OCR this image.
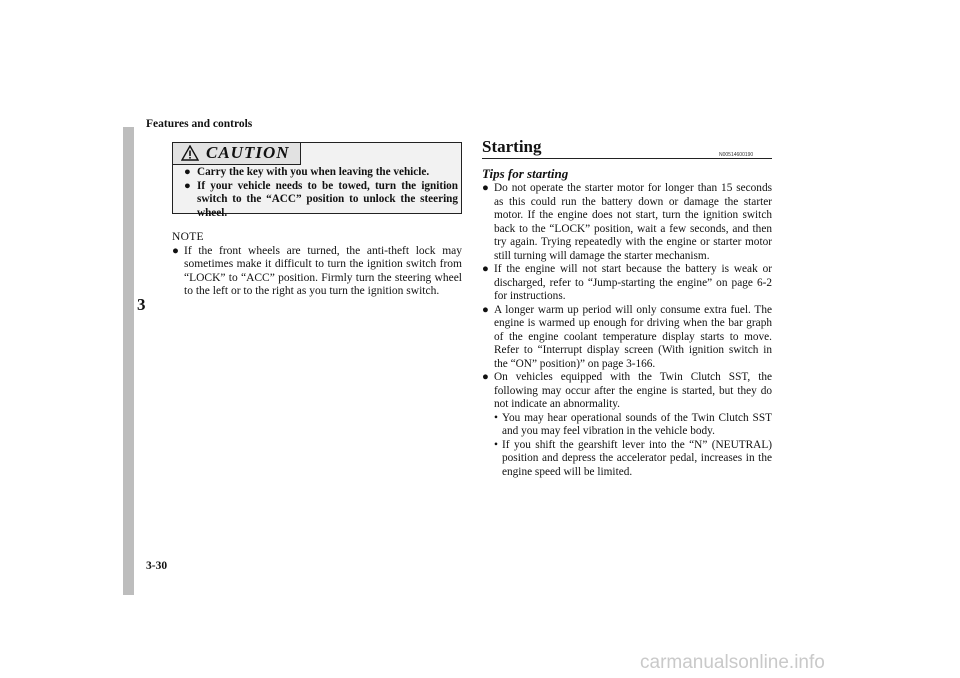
Features and controls
3
CAUTION
● Carry the key with you when leaving the vehicle.
● If your vehicle needs to be towed, turn the ignition switch to the “ACC” position to unlock the steering wheel.
NOTE
● If the front wheels are turned, the anti-theft lock may sometimes make it difficult to turn the ignition switch from “LOCK” to “ACC” position. Firmly turn the steering wheel to the left or to the right as you turn the ignition switch.
Starting	N00514600190
Tips for starting
● Do not operate the starter motor for longer than 15 seconds as this could run the battery down or damage the starter motor. If the engine does not start, turn the ignition switch back to the “LOCK” position, wait a few seconds, and then try again. Trying repeatedly with the engine or starter motor still turning will damage the starter mechanism.
● If the engine will not start because the battery is weak or discharged, refer to “Jump-starting the engine” on page 6-2 for instructions.
● A longer warm up period will only consume extra fuel. The engine is warmed up enough for driving when the bar graph of the engine coolant temperature display starts to move. Refer to “Interrupt display screen (With ignition switch in the “ON” position)” on page 3-166.
● On vehicles equipped with the Twin Clutch SST, the following may occur after the engine is started, but they do not indicate an abnormality.
• You may hear operational sounds of the Twin Clutch SST and you may feel vibration in the vehicle body.
• If you shift the gearshift lever into the “N” (NEUTRAL) position and depress the accelerator pedal, increases in the engine speed will be limited.
3-30
carmanualsonline.info
